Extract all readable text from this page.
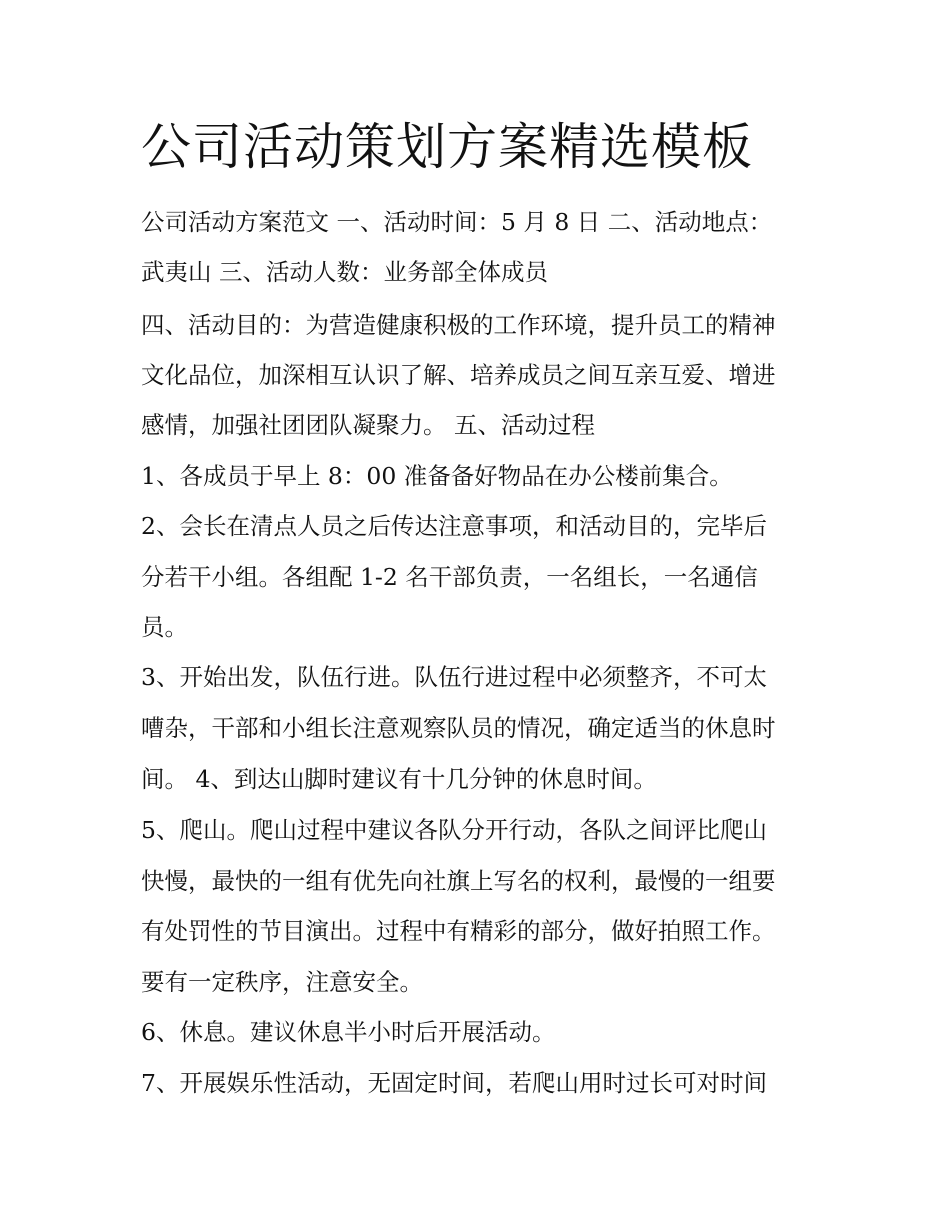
公司活动策划方案精选模板

公司活动方案范文 一、活动时间：5 月 8 日 二、活动地点：

武夷山 三、活动人数：业务部全体成员

四、活动目的：为营造健康积极的工作环境，提升员工的精神

文化品位，加深相互认识了解、培养成员之间互亲互爱、增进

感情，加强社团团队凝聚力。 五、活动过程

1、各成员于早上 8：00 准备备好物品在办公楼前集合。

2、会长在清点人员之后传达注意事项，和活动目的，完毕后

分若干小组。各组配 1-2 名干部负责，一名组长，一名通信

员。

3、开始出发，队伍行进。队伍行进过程中必须整齐，不可太

嘈杂，干部和小组长注意观察队员的情况，确定适当的休息时

间。 4、到达山脚时建议有十几分钟的休息时间。

5、爬山。爬山过程中建议各队分开行动，各队之间评比爬山

快慢，最快的一组有优先向社旗上写名的权利，最慢的一组要

有处罚性的节目演出。过程中有精彩的部分，做好拍照工作。

要有一定秩序，注意安全。

6、休息。建议休息半小时后开展活动。

7、开展娱乐性活动，无固定时间，若爬山用时过长可对时间
